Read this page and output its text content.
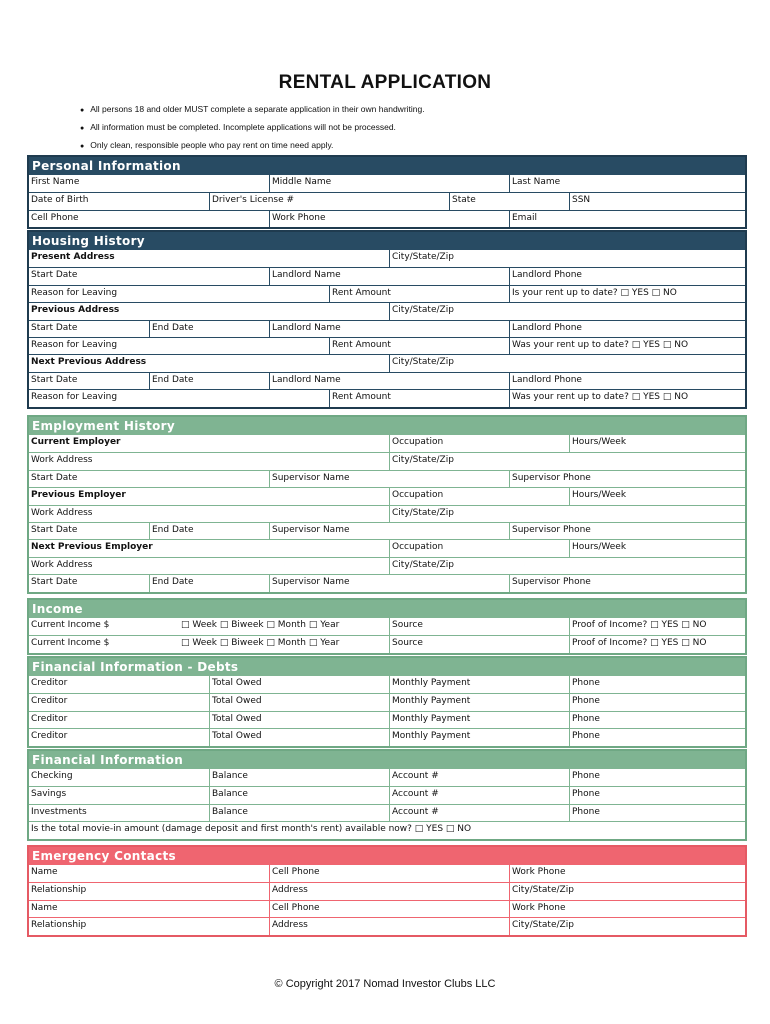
RENTAL APPLICATION
● All persons 18 and older MUST complete a separate application in their own handwriting.
● All information must be completed. Incomplete applications will not be processed.
● Only clean, responsible people who pay rent on time need apply.
Personal Information
First Name	Middle Name	Last Name
Date of Birth	Driver's License #	State	SSN
Cell Phone	Work Phone	Email
Housing History
Present Address	City/State/Zip
Start Date	Landlord Name	Landlord Phone
Reason for Leaving	Rent Amount	Is your rent up to date? □ YES □ NO
Previous Address	City/State/Zip
Start Date	End Date	Landlord Name	Landlord Phone
Reason for Leaving	Rent Amount	Was your rent up to date? □ YES □ NO
Next Previous Address	City/State/Zip
Start Date	End Date	Landlord Name	Landlord Phone
Reason for Leaving	Rent Amount	Was your rent up to date? □ YES □ NO
Employment History
Current Employer	Occupation	Hours/Week
Work Address	City/State/Zip
Start Date	Supervisor Name	Supervisor Phone
Previous Employer	Occupation	Hours/Week
Work Address	City/State/Zip
Start Date	End Date	Supervisor Name	Supervisor Phone
Next Previous Employer	Occupation	Hours/Week
Work Address	City/State/Zip
Start Date	End Date	Supervisor Name	Supervisor Phone
Income
Current Income $	□ Week □ Biweek □ Month □ Year	Source	Proof of Income? □ YES □ NO
Current Income $	□ Week □ Biweek □ Month □ Year	Source	Proof of Income? □ YES □ NO
Financial Information - Debts
Creditor	Total Owed	Monthly Payment	Phone
Creditor	Total Owed	Monthly Payment	Phone
Creditor	Total Owed	Monthly Payment	Phone
Creditor	Total Owed	Monthly Payment	Phone
Financial Information
Checking	Balance	Account #	Phone
Savings	Balance	Account #	Phone
Investments	Balance	Account #	Phone
Is the total movie-in amount (damage deposit and first month's rent) available now? □ YES □ NO
Emergency Contacts
Name	Cell Phone	Work Phone
Relationship	Address	City/State/Zip
Name	Cell Phone	Work Phone
Relationship	Address	City/State/Zip
© Copyright 2017 Nomad Investor Clubs LLC
